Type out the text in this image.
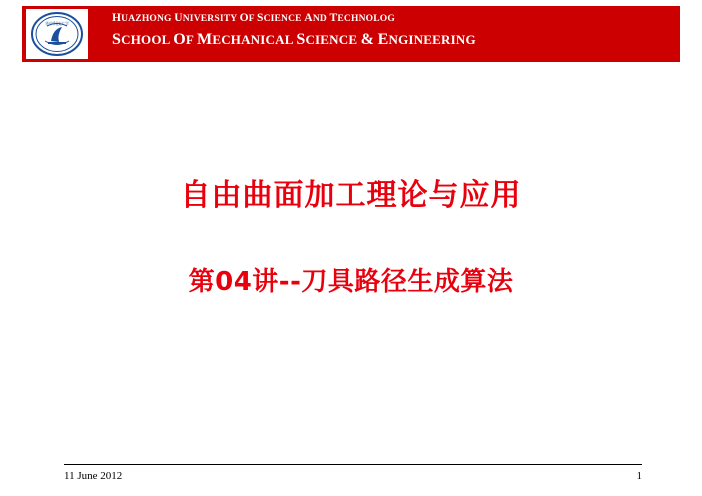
华中科技大学	HUAZHONG UNIVERSITY OF SCIENCE AND TECHNOLOG
SCHOOL OF MECHANICAL SCIENCE & ENGINEERING
自由曲面加工理论与应用
第04讲--刀具路径生成算法
11 June 2012	1
